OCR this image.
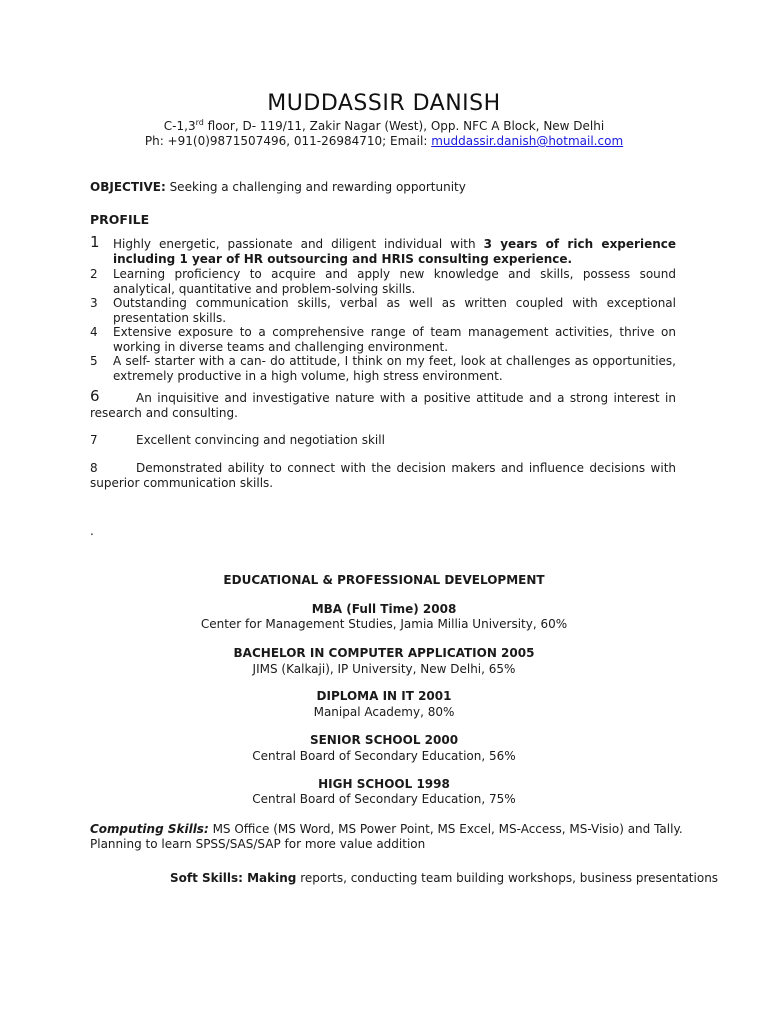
MUDDASSIR DANISH
C-1,3rd floor, D- 119/11, Zakir Nagar (West), Opp. NFC A Block, New Delhi
Ph: +91(0)9871507496, 011-26984710; Email: muddassir.danish@hotmail.com
OBJECTIVE: Seeking a challenging and rewarding opportunity
PROFILE
1	Highly energetic, passionate and diligent individual with 3 years of rich experience including 1 year of HR outsourcing and HRIS consulting experience.
2	Learning proficiency to acquire and apply new knowledge and skills, possess sound analytical, quantitative and problem-solving skills.
3	Outstanding communication skills, verbal as well as written coupled with exceptional presentation skills.
4	Extensive exposure to a comprehensive range of team management activities, thrive on working in diverse teams and challenging environment.
5	A self- starter with a can- do attitude, I think on my feet, look at challenges as opportunities, extremely productive in a high volume, high stress environment.
6	An inquisitive and investigative nature with a positive attitude and a strong interest in research and consulting.
7	Excellent convincing and negotiation skill
8	Demonstrated ability to connect with the decision makers and influence decisions with superior communication skills.
.
EDUCATIONAL & PROFESSIONAL DEVELOPMENT
MBA (Full Time) 2008
Center for Management Studies, Jamia Millia University, 60%
BACHELOR IN COMPUTER APPLICATION 2005
JIMS (Kalkaji), IP University, New Delhi, 65%
DIPLOMA IN IT 2001
Manipal Academy, 80%
SENIOR SCHOOL 2000
Central Board of Secondary Education, 56%
HIGH SCHOOL 1998
Central Board of Secondary Education, 75%
Computing Skills: MS Office (MS Word, MS Power Point, MS Excel, MS-Access, MS-Visio) and Tally. Planning to learn SPSS/SAS/SAP for more value addition
Soft Skills: Making reports, conducting team building workshops, business presentations
